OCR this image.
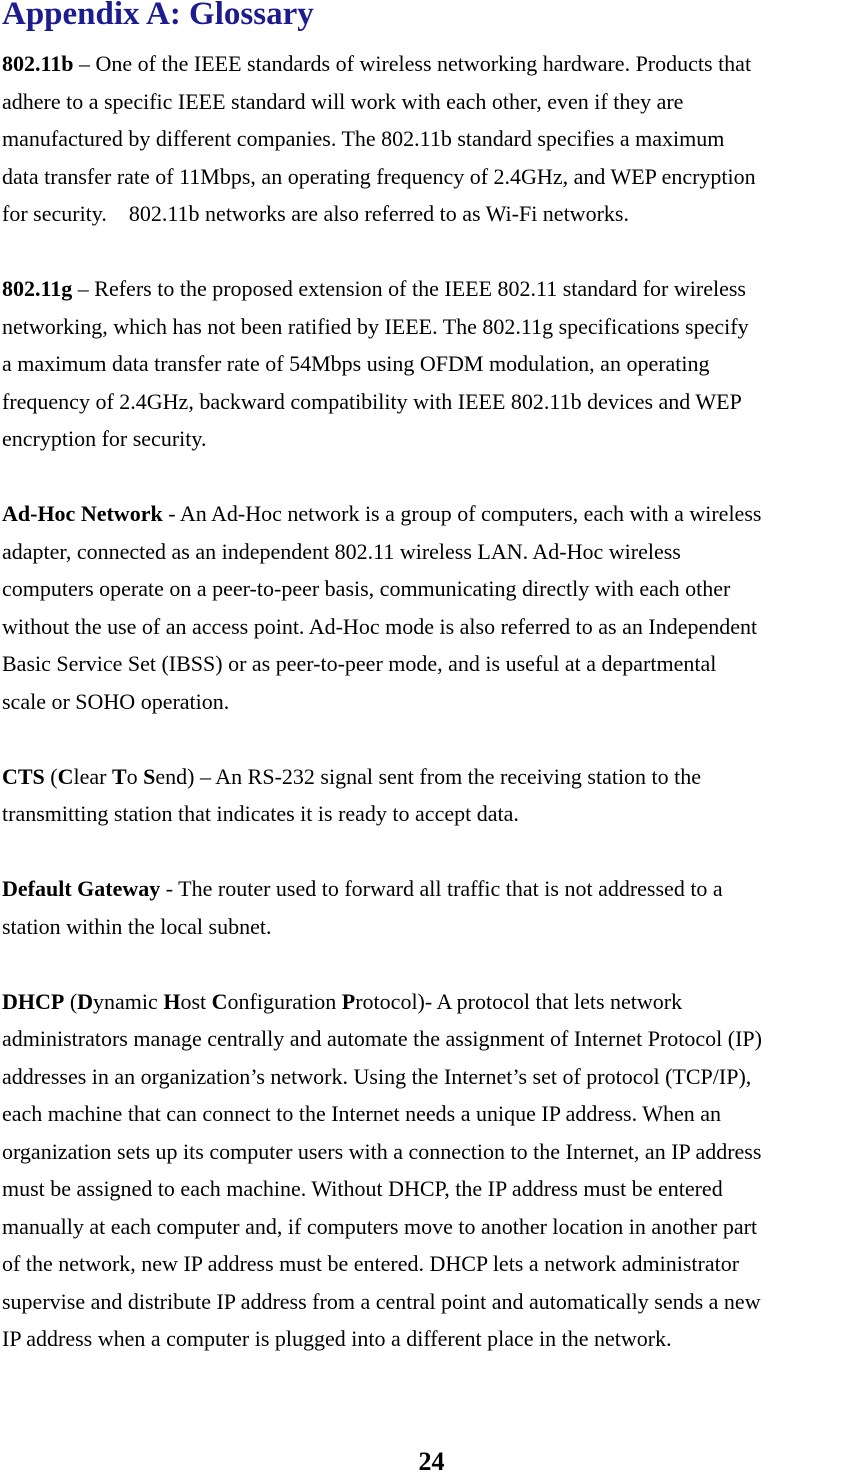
Appendix A: Glossary
802.11b – One of the IEEE standards of wireless networking hardware. Products that
adhere to a specific IEEE standard will work with each other, even if they are
manufactured by different companies. The 802.11b standard specifies a maximum
data transfer rate of 11Mbps, an operating frequency of 2.4GHz, and WEP encryption
for security.    802.11b networks are also referred to as Wi-Fi networks.
802.11g – Refers to the proposed extension of the IEEE 802.11 standard for wireless
networking, which has not been ratified by IEEE. The 802.11g specifications specify
a maximum data transfer rate of 54Mbps using OFDM modulation, an operating
frequency of 2.4GHz, backward compatibility with IEEE 802.11b devices and WEP
encryption for security.
Ad-Hoc Network - An Ad-Hoc network is a group of computers, each with a wireless
adapter, connected as an independent 802.11 wireless LAN. Ad-Hoc wireless
computers operate on a peer-to-peer basis, communicating directly with each other
without the use of an access point. Ad-Hoc mode is also referred to as an Independent
Basic Service Set (IBSS) or as peer-to-peer mode, and is useful at a departmental
scale or SOHO operation.
CTS (Clear To Send) – An RS-232 signal sent from the receiving station to the
transmitting station that indicates it is ready to accept data.
Default Gateway - The router used to forward all traffic that is not addressed to a
station within the local subnet.
DHCP (Dynamic Host Configuration Protocol)- A protocol that lets network
administrators manage centrally and automate the assignment of Internet Protocol (IP)
addresses in an organization’s network. Using the Internet’s set of protocol (TCP/IP),
each machine that can connect to the Internet needs a unique IP address. When an
organization sets up its computer users with a connection to the Internet, an IP address
must be assigned to each machine. Without DHCP, the IP address must be entered
manually at each computer and, if computers move to another location in another part
of the network, new IP address must be entered. DHCP lets a network administrator
supervise and distribute IP address from a central point and automatically sends a new
IP address when a computer is plugged into a different place in the network.
24
